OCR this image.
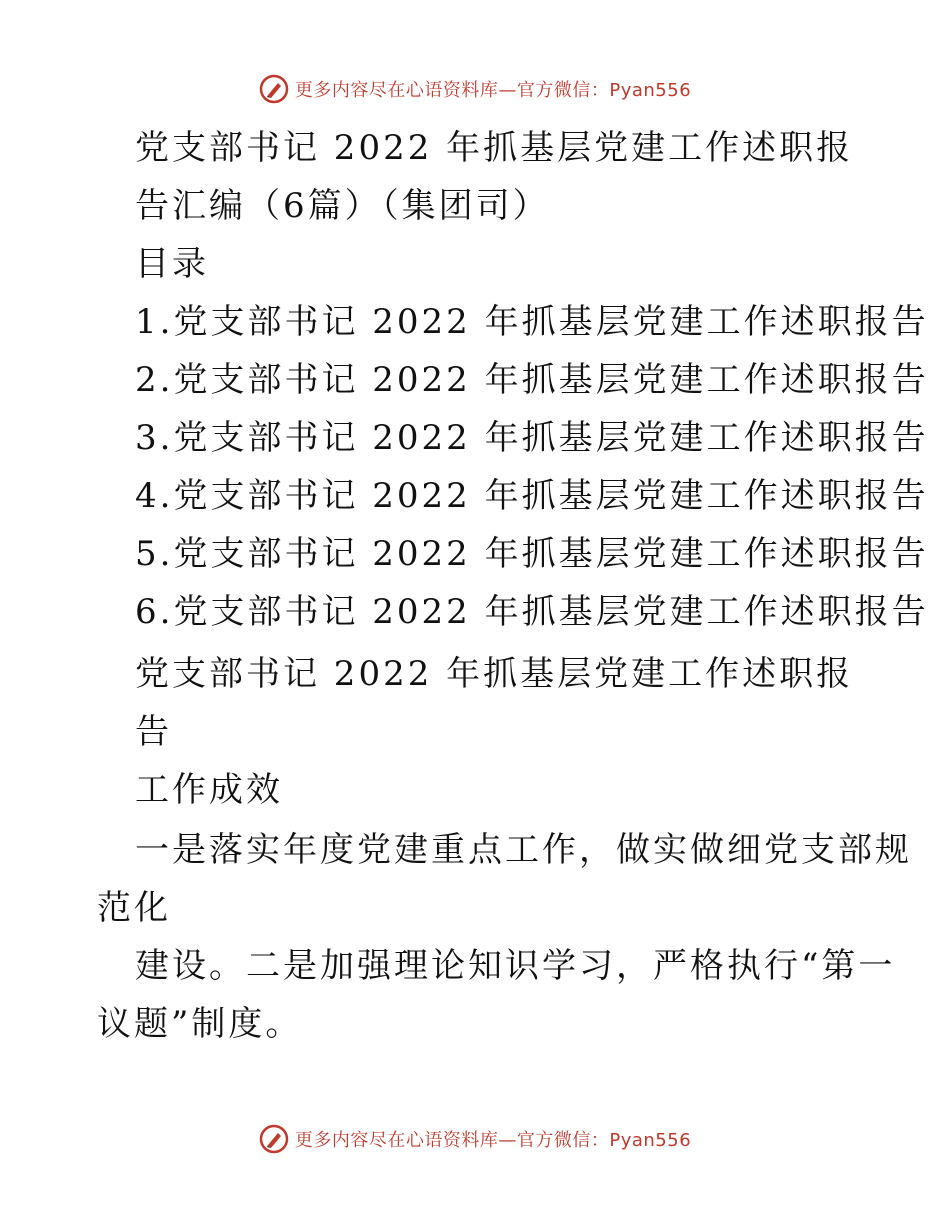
更多内容尽在心语资料库—官方微信：Pyan556
党支部书记 2022 年抓基层党建工作述职报
告汇编（6篇）（集团司）
目录
1.党支部书记 2022 年抓基层党建工作述职报告
2.党支部书记 2022 年抓基层党建工作述职报告
3.党支部书记 2022 年抓基层党建工作述职报告
4.党支部书记 2022 年抓基层党建工作述职报告
5.党支部书记 2022 年抓基层党建工作述职报告
6.党支部书记 2022 年抓基层党建工作述职报告
党支部书记 2022 年抓基层党建工作述职报
告
工作成效
一是落实年度党建重点工作，做实做细党支部规
范化
建设。二是加强理论知识学习，严格执行“第一
议题”制度。
更多内容尽在心语资料库—官方微信：Pyan556
